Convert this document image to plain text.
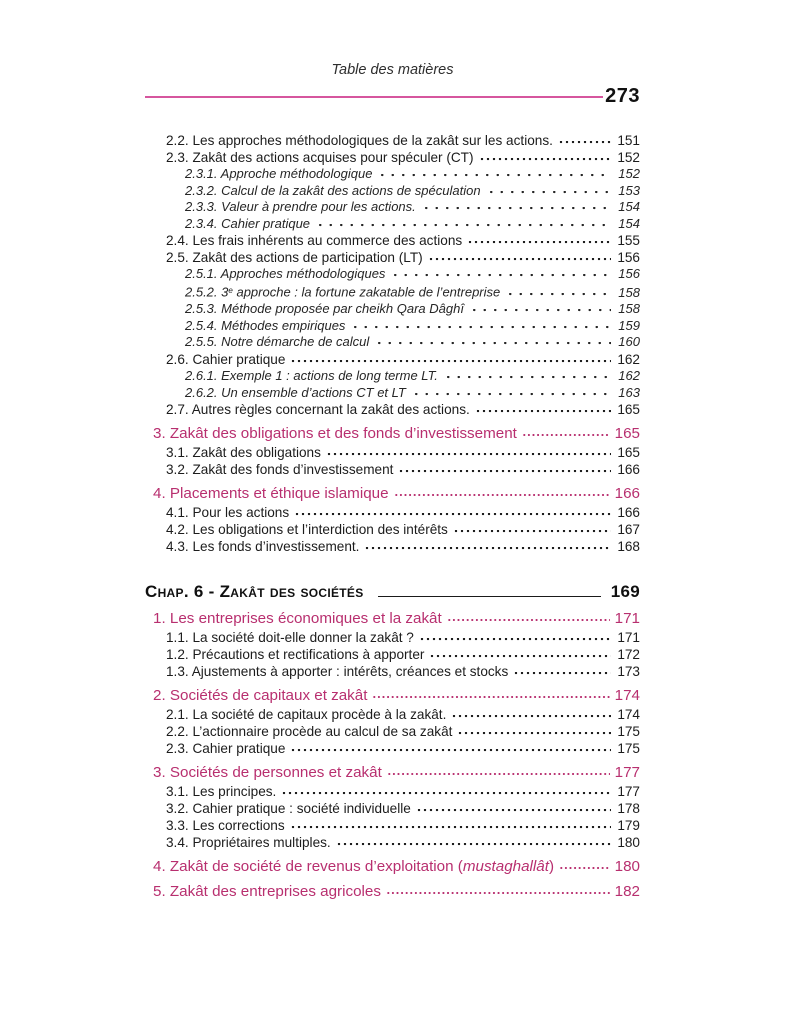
Table des matières
273
2.2. Les approches méthodologiques de la zakât sur les actions.	151
2.3. Zakât des actions acquises pour spéculer (CT)	152
2.3.1. Approche méthodologique	152
2.3.2. Calcul de la zakât des actions de spéculation	153
2.3.3. Valeur à prendre pour les actions.	154
2.3.4. Cahier pratique	154
2.4. Les frais inhérents au commerce des actions	155
2.5. Zakât des actions de participation (LT)	156
2.5.1. Approches méthodologiques	156
2.5.2. 3e approche : la fortune zakatable de l’entreprise	158
2.5.3. Méthode proposée par cheikh Qara Dâghî	158
2.5.4. Méthodes empiriques	159
2.5.5. Notre démarche de calcul	160
2.6. Cahier pratique	162
2.6.1. Exemple 1 : actions de long terme LT.	162
2.6.2. Un ensemble d’actions CT et LT	163
2.7. Autres règles concernant la zakât des actions.	165
3. Zakât des obligations et des fonds d’investissement	165
3.1. Zakât des obligations	165
3.2. Zakât des fonds d’investissement	166
4. Placements et éthique islamique	166
4.1. Pour les actions	166
4.2. Les obligations et l’interdiction des intérêts	167
4.3. Les fonds d’investissement.	168
Chap. 6 - Zakât des sociétés	169
1. Les entreprises économiques et la zakât	171
1.1. La société doit-elle donner la zakât ?	171
1.2. Précautions et rectifications à apporter	172
1.3. Ajustements à apporter : intérêts, créances et stocks	173
2. Sociétés de capitaux et zakât	174
2.1. La société de capitaux procède à la zakât.	174
2.2. L’actionnaire procède au calcul de sa zakât	175
2.3. Cahier pratique	175
3. Sociétés de personnes et zakât	177
3.1. Les principes.	177
3.2. Cahier pratique : société individuelle	178
3.3. Les corrections	179
3.4. Propriétaires multiples.	180
4. Zakât de société de revenus d’exploitation (mustaghallât)	180
5. Zakât des entreprises agricoles	182
